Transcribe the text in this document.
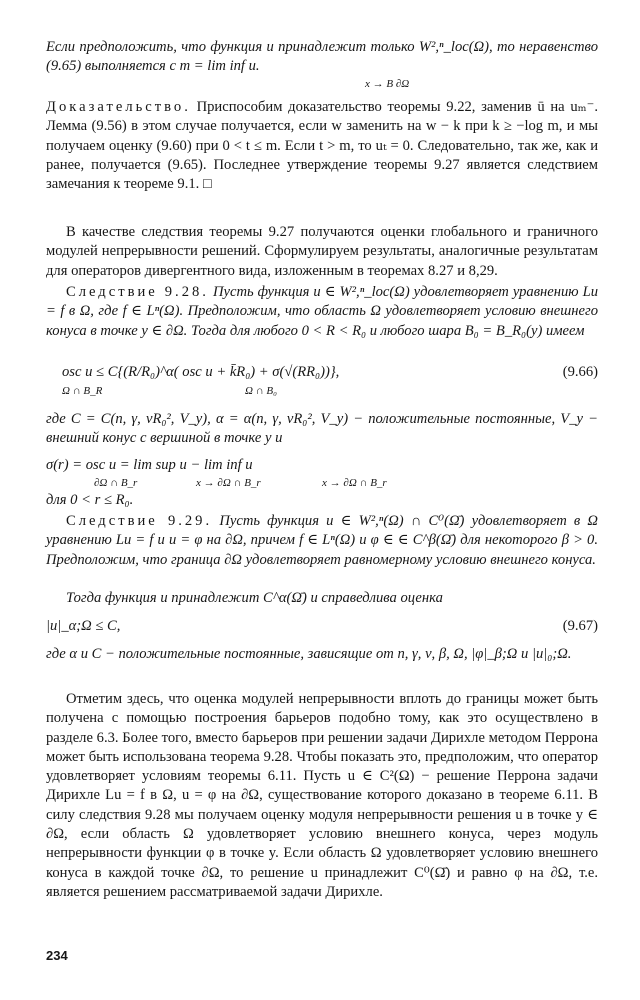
Если предположить, что функция и принадлежит только W²,ⁿ_loc(Ω), то неравенство (9.65) выполняется с m = lim inf u.

x → B ∂Ω

Доказательство. Приспособим доказательство теоремы 9.22, заменив ū на uₘ⁻. Лемма (9.56) в этом случае получается, если w заменить на w − k при k ≥ −log m, и мы получаем оценку (9.60) при 0 < t ≤ m. Если t > m, то uₜ = 0. Следовательно, так же, как и ранее, получается (9.65). Последнее утверждение теоремы 9.27 является следствием замечания к теореме 9.1. □

В качестве следствия теоремы 9.27 получаются оценки глобального и граничного модулей непрерывности решений. Сформулируем результаты, аналогичные результатам для операторов дивергентного вида, изложенным в теоремах 8.27 и 8,29.

Следствие 9.28. Пусть функция u ∈ W²,ⁿ_loc(Ω) удовлетворяет уравнению Lu = f в Ω, где f ∈ Lⁿ(Ω). Предположим, что область Ω удовлетворяет условию внешнего конуса в точке y ∈ ∂Ω. Тогда для любого 0 < R < R₀ и любого шара B₀ = B_R₀(y) имеем

osc u ≤ C{(R/R₀)^α( osc u + k̄R₀) + σ(√(RR₀))},	(9.66)
Ω ∩ B_R	Ω ∩ B₀

где C = C(n, γ, νR₀², V_y), α = α(n, γ, νR₀², V_y) − положительные постоянные, V_y − внешний конус с вершиной в точке y и

σ(r) = osc u = lim sup u − lim inf u
∂Ω ∩ B_r	x → ∂Ω ∩ B_r	x → ∂Ω ∩ B_r

для 0 < r ≤ R₀.

Следствие 9.29. Пусть функция u ∈ W²,ⁿ(Ω) ∩ C⁰(Ω̄) удовлетворяет в Ω уравнению Lu = f и u = φ на ∂Ω, причем f ∈ Lⁿ(Ω) и φ ∈ ∈ C^β(Ω̄) для некоторого β > 0. Предположим, что граница ∂Ω удовлетворяет равномерному условию внешнего конуса.

Тогда функция u принадлежит C^α(Ω̄) и справедлива оценка

|u|_α;Ω ≤ C,	(9.67)

где α и C − положительные постоянные, зависящие от n, γ, ν, β, Ω, |φ|_β;Ω и |u|₀;Ω.

Отметим здесь, что оценка модулей непрерывности вплоть до границы может быть получена с помощью построения барьеров подобно тому, как это осуществлено в разделе 6.3. Более того, вместо барьеров при решении задачи Дирихле методом Перрона может быть использована теорема 9.28. Чтобы показать это, предположим, что оператор удовлетворяет условиям теоремы 6.11. Пусть u ∈ C²(Ω) − решение Перрона задачи Дирихле Lu = f в Ω, u = φ на ∂Ω, существование которого доказано в теореме 6.11. В силу следствия 9.28 мы получаем оценку модуля непрерывности решения u в точке y ∈ ∂Ω, если область Ω удовлетворяет условию внешнего конуса, через модуль непрерывности функции φ в точке y. Если область Ω удовлетворяет условию внешнего конуса в каждой точке ∂Ω, то решение u принадлежит C⁰(Ω̄) и равно φ на ∂Ω, т.е. является решением рассматриваемой задачи Дирихле.

234
